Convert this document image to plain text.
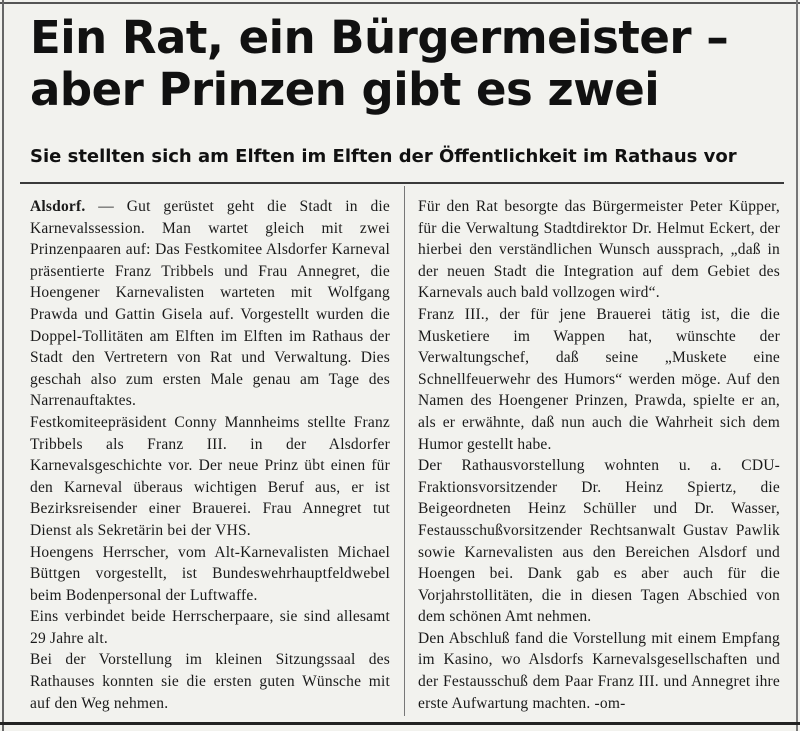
Ein Rat, ein Bürgermeister –
aber Prinzen gibt es zwei
Sie stellten sich am Elften im Elften der Öffentlichkeit im Rathaus vor

Alsdorf. — Gut gerüstet geht die Stadt in die Karnevalssession. Man wartet gleich mit zwei Prinzenpaaren auf: Das Festkomitee Alsdorfer Karneval präsentierte Franz Tribbels und Frau Annegret, die Hoengener Karnevalisten warteten mit Wolfgang Prawda und Gattin Gisela auf. Vorgestellt wurden die Doppel-Tollitäten am Elften im Elften im Rathaus der Stadt den Vertretern von Rat und Verwaltung. Dies geschah also zum ersten Male genau am Tage des Narrenauftaktes.

Festkomiteepräsident Conny Mannheims stellte Franz Tribbels als Franz III. in der Alsdorfer Karnevalsgeschichte vor. Der neue Prinz übt einen für den Karneval überaus wichtigen Beruf aus, er ist Bezirksreisender einer Brauerei. Frau Annegret tut Dienst als Sekretärin bei der VHS.

Hoengens Herrscher, vom Alt-Karnevalisten Michael Büttgen vorgestellt, ist Bundeswehrhauptfeldwebel beim Bodenpersonal der Luftwaffe.

Eins verbindet beide Herrscherpaare, sie sind allesamt 29 Jahre alt.

Bei der Vorstellung im kleinen Sitzungssaal des Rathauses konnten sie die ersten guten Wünsche mit auf den Weg nehmen.

Für den Rat besorgte das Bürgermeister Peter Küpper, für die Verwaltung Stadtdirektor Dr. Helmut Eckert, der hierbei den verständlichen Wunsch aussprach, „daß in der neuen Stadt die Integration auf dem Gebiet des Karnevals auch bald vollzogen wird“.

Franz III., der für jene Brauerei tätig ist, die die Musketiere im Wappen hat, wünschte der Verwaltungschef, daß seine „Muskete eine Schnellfeuerwehr des Humors“ werden möge. Auf den Namen des Hoengener Prinzen, Prawda, spielte er an, als er erwähnte, daß nun auch die Wahrheit sich dem Humor gestellt habe.

Der Rathausvorstellung wohnten u. a. CDU-Fraktionsvorsitzender Dr. Heinz Spiertz, die Beigeordneten Heinz Schüller und Dr. Wasser, Festausschußvorsitzender Rechtsanwalt Gustav Pawlik sowie Karnevalisten aus den Bereichen Alsdorf und Hoengen bei. Dank gab es aber auch für die Vorjahrstollitäten, die in diesen Tagen Abschied von dem schönen Amt nehmen.

Den Abschluß fand die Vorstellung mit einem Empfang im Kasino, wo Alsdorfs Karnevalsgesellschaften und der Festausschuß dem Paar Franz III. und Annegret ihre erste Aufwartung machten. -om-
